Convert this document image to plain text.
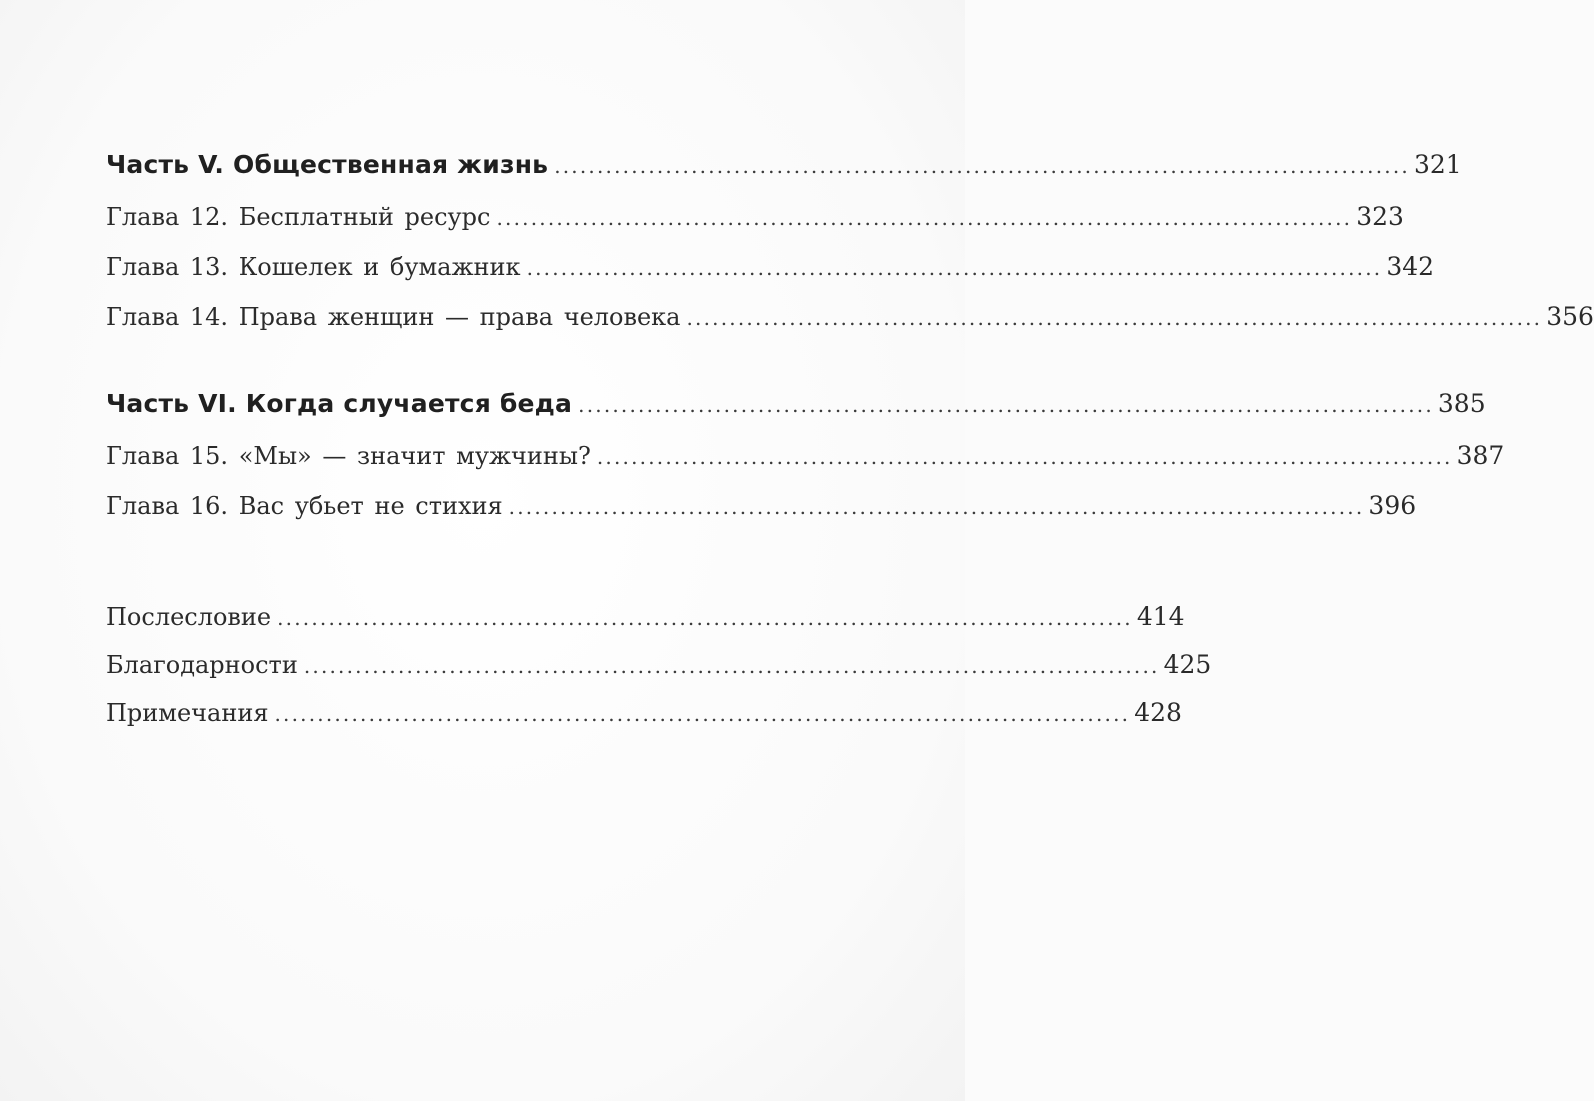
Часть V. Общественная жизнь .................................................................................................... 321
Глава 12. Бесплатный ресурс .................................................................................................... 323
Глава 13. Кошелек и бумажник .................................................................................................... 342
Глава 14. Права женщин — права человека .................................................................................................... 356
Часть VI. Когда случается беда .................................................................................................... 385
Глава 15. «Мы» — значит мужчины? .................................................................................................... 387
Глава 16. Вас убьет не стихия .................................................................................................... 396
Послесловие .................................................................................................... 414
Благодарности .................................................................................................... 425
Примечания .................................................................................................... 428
